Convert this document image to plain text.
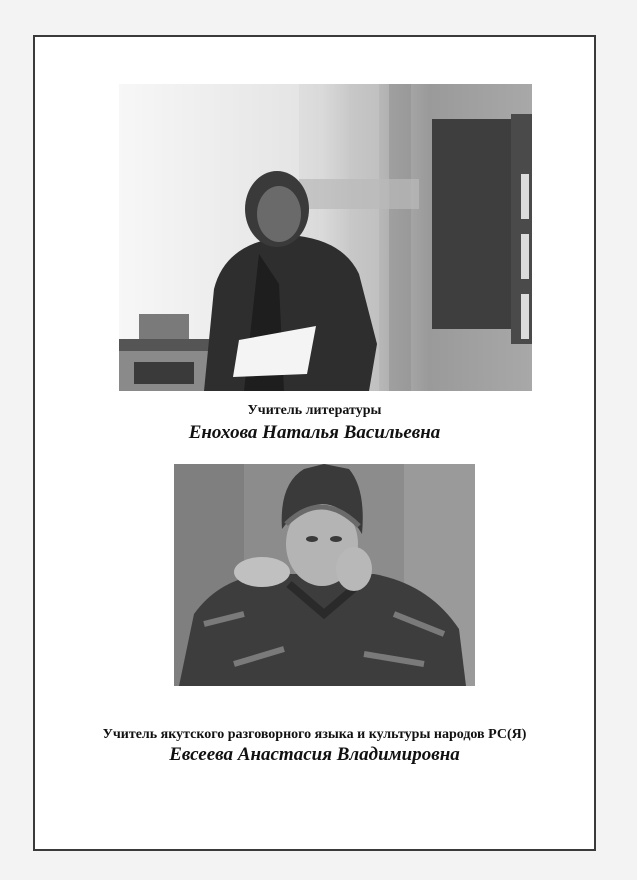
Учитель литературы
Енохова Наталья Васильевна
Учитель якутского разговорного языка и культуры народов РС(Я)
Евсеева Анастасия Владимировна
